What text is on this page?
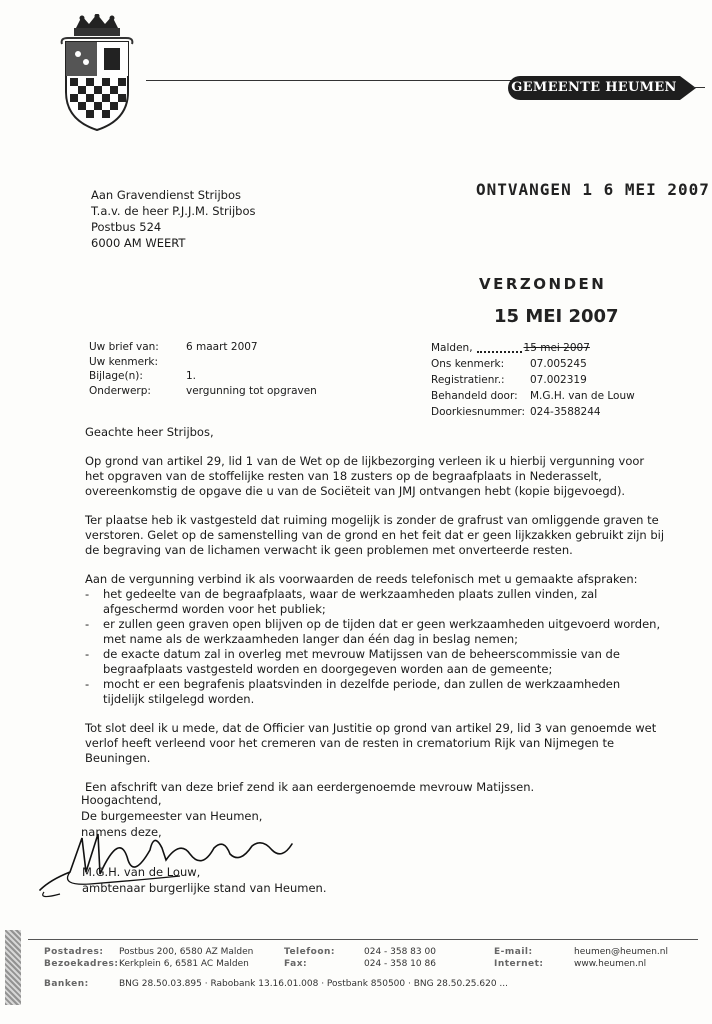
GEMEENTE HEUMEN
ONTVANGEN 1 6 MEI 2007
VERZONDEN
15 MEI 2007
Aan Gravendienst Strijbos
T.a.v. de heer P.J.J.M. Strijbos
Postbus 524
6000 AM WEERT
Uw brief van:	6 maart 2007
Uw kenmerk:
Bijlage(n):	1.
Onderwerp:	vergunning tot opgraven
Malden,	15 mei 2007
Ons kenmerk:	07.005245
Registratienr.:	07.002319
Behandeld door:	M.G.H. van de Louw
Doorkiesnummer: 024-3588244

Geachte heer Strijbos,

Op grond van artikel 29, lid 1 van de Wet op de lijkbezorging verleen ik u hierbij vergunning voor het opgraven van de stoffelijke resten van 18 zusters op de begraafplaats in Nederasselt, overeenkomstig de opgave die u van de Sociëteit van JMJ ontvangen hebt (kopie bijgevoegd).

Ter plaatse heb ik vastgesteld dat ruiming mogelijk is zonder de grafrust van omliggende graven te verstoren. Gelet op de samenstelling van de grond en het feit dat er geen lijkzakken gebruikt zijn bij de begraving van de lichamen verwacht ik geen problemen met onverteerde resten.

Aan de vergunning verbind ik als voorwaarden de reeds telefonisch met u gemaakte afspraken:

- het gedeelte van de begraafplaats, waar de werkzaamheden plaats zullen vinden, zal afgeschermd worden voor het publiek;
- er zullen geen graven open blijven op de tijden dat er geen werkzaamheden uitgevoerd worden, met name als de werkzaamheden langer dan één dag in beslag nemen;
- de exacte datum zal in overleg met mevrouw Matijssen van de beheerscommissie van de begraafplaats vastgesteld worden en doorgegeven worden aan de gemeente;
- mocht er een begrafenis plaatsvinden in dezelfde periode, dan zullen de werkzaamheden tijdelijk stilgelegd worden.

Tot slot deel ik u mede, dat de Officier van Justitie op grond van artikel 29, lid 3 van genoemde wet verlof heeft verleend voor het cremeren van de resten in crematorium Rijk van Nijmegen te Beuningen.

Een afschrift van deze brief zend ik aan eerdergenoemde mevrouw Matijssen.

Hoogachtend,
De burgemeester van Heumen,
namens deze,
M.G.H. van de Louw,
ambtenaar burgerlijke stand van Heumen.
Postadres: Postbus 200, 6580 AZ Malden
Bezoekadres: Kerkplein 6, 6581 AC Malden
Telefoon:	024 - 358 83 00
Fax:	024 - 358 10 86
E-mail:	heumen@heumen.nl
Internet:	www.heumen.nl
Banken:	BNG 28.50.03.895 · Rabobank 13.16.01.008 · Postbank 850500 · BNG 28.50.25.620 ...
